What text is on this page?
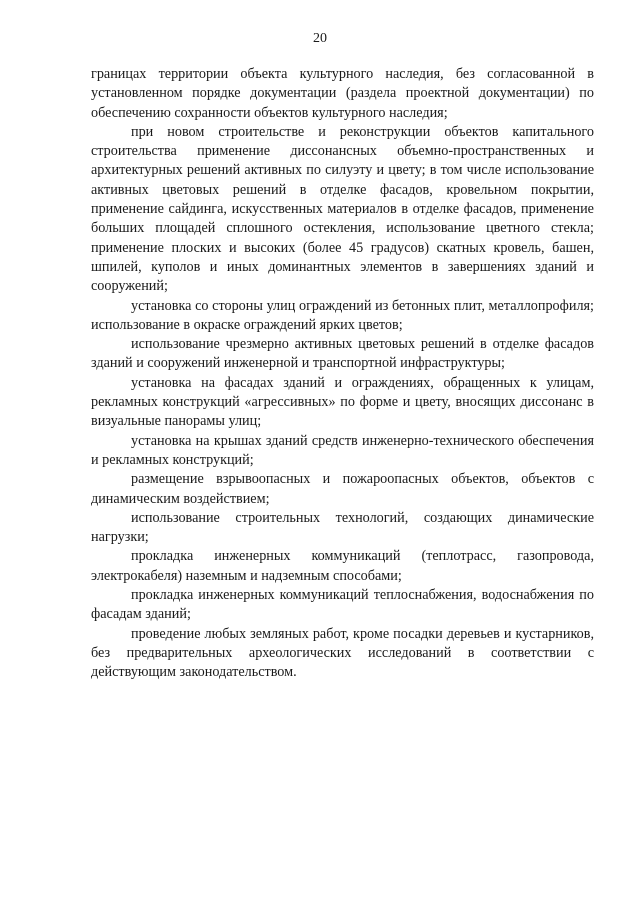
20

границах территории объекта культурного наследия, без согласованной в установленном порядке документации (раздела проектной документации) по обеспечению сохранности объектов культурного наследия;

при новом строительстве и реконструкции объектов капитального строительства применение диссонансных объемно-пространственных и архитектурных решений активных по силуэту и цвету; в том числе использование активных цветовых решений в отделке фасадов, кровельном покрытии, применение сайдинга, искусственных материалов в отделке фасадов, применение больших площадей сплошного остекления, использование цветного стекла; применение плоских и высоких (более 45 градусов) скатных кровель, башен, шпилей, куполов и иных доминантных элементов в завершениях зданий и сооружений;

установка со стороны улиц ограждений из бетонных плит, металлопрофиля; использование в окраске ограждений ярких цветов;

использование чрезмерно активных цветовых решений в отделке фасадов зданий и сооружений инженерной и транспортной инфраструктуры;

установка на фасадах зданий и ограждениях, обращенных к улицам, рекламных конструкций «агрессивных» по форме и цвету, вносящих диссонанс в визуальные панорамы улиц;

установка на крышах зданий средств инженерно-технического обеспечения и рекламных конструкций;

размещение взрывоопасных и пожароопасных объектов, объектов с динамическим воздействием;

использование строительных технологий, создающих динамические нагрузки;

прокладка инженерных коммуникаций (теплотрасс, газопровода, электрокабеля) наземным и надземным способами;

прокладка инженерных коммуникаций теплоснабжения, водоснабжения по фасадам зданий;

проведение любых земляных работ, кроме посадки деревьев и кустарников, без предварительных археологических исследований в соответствии с действующим законодательством.
